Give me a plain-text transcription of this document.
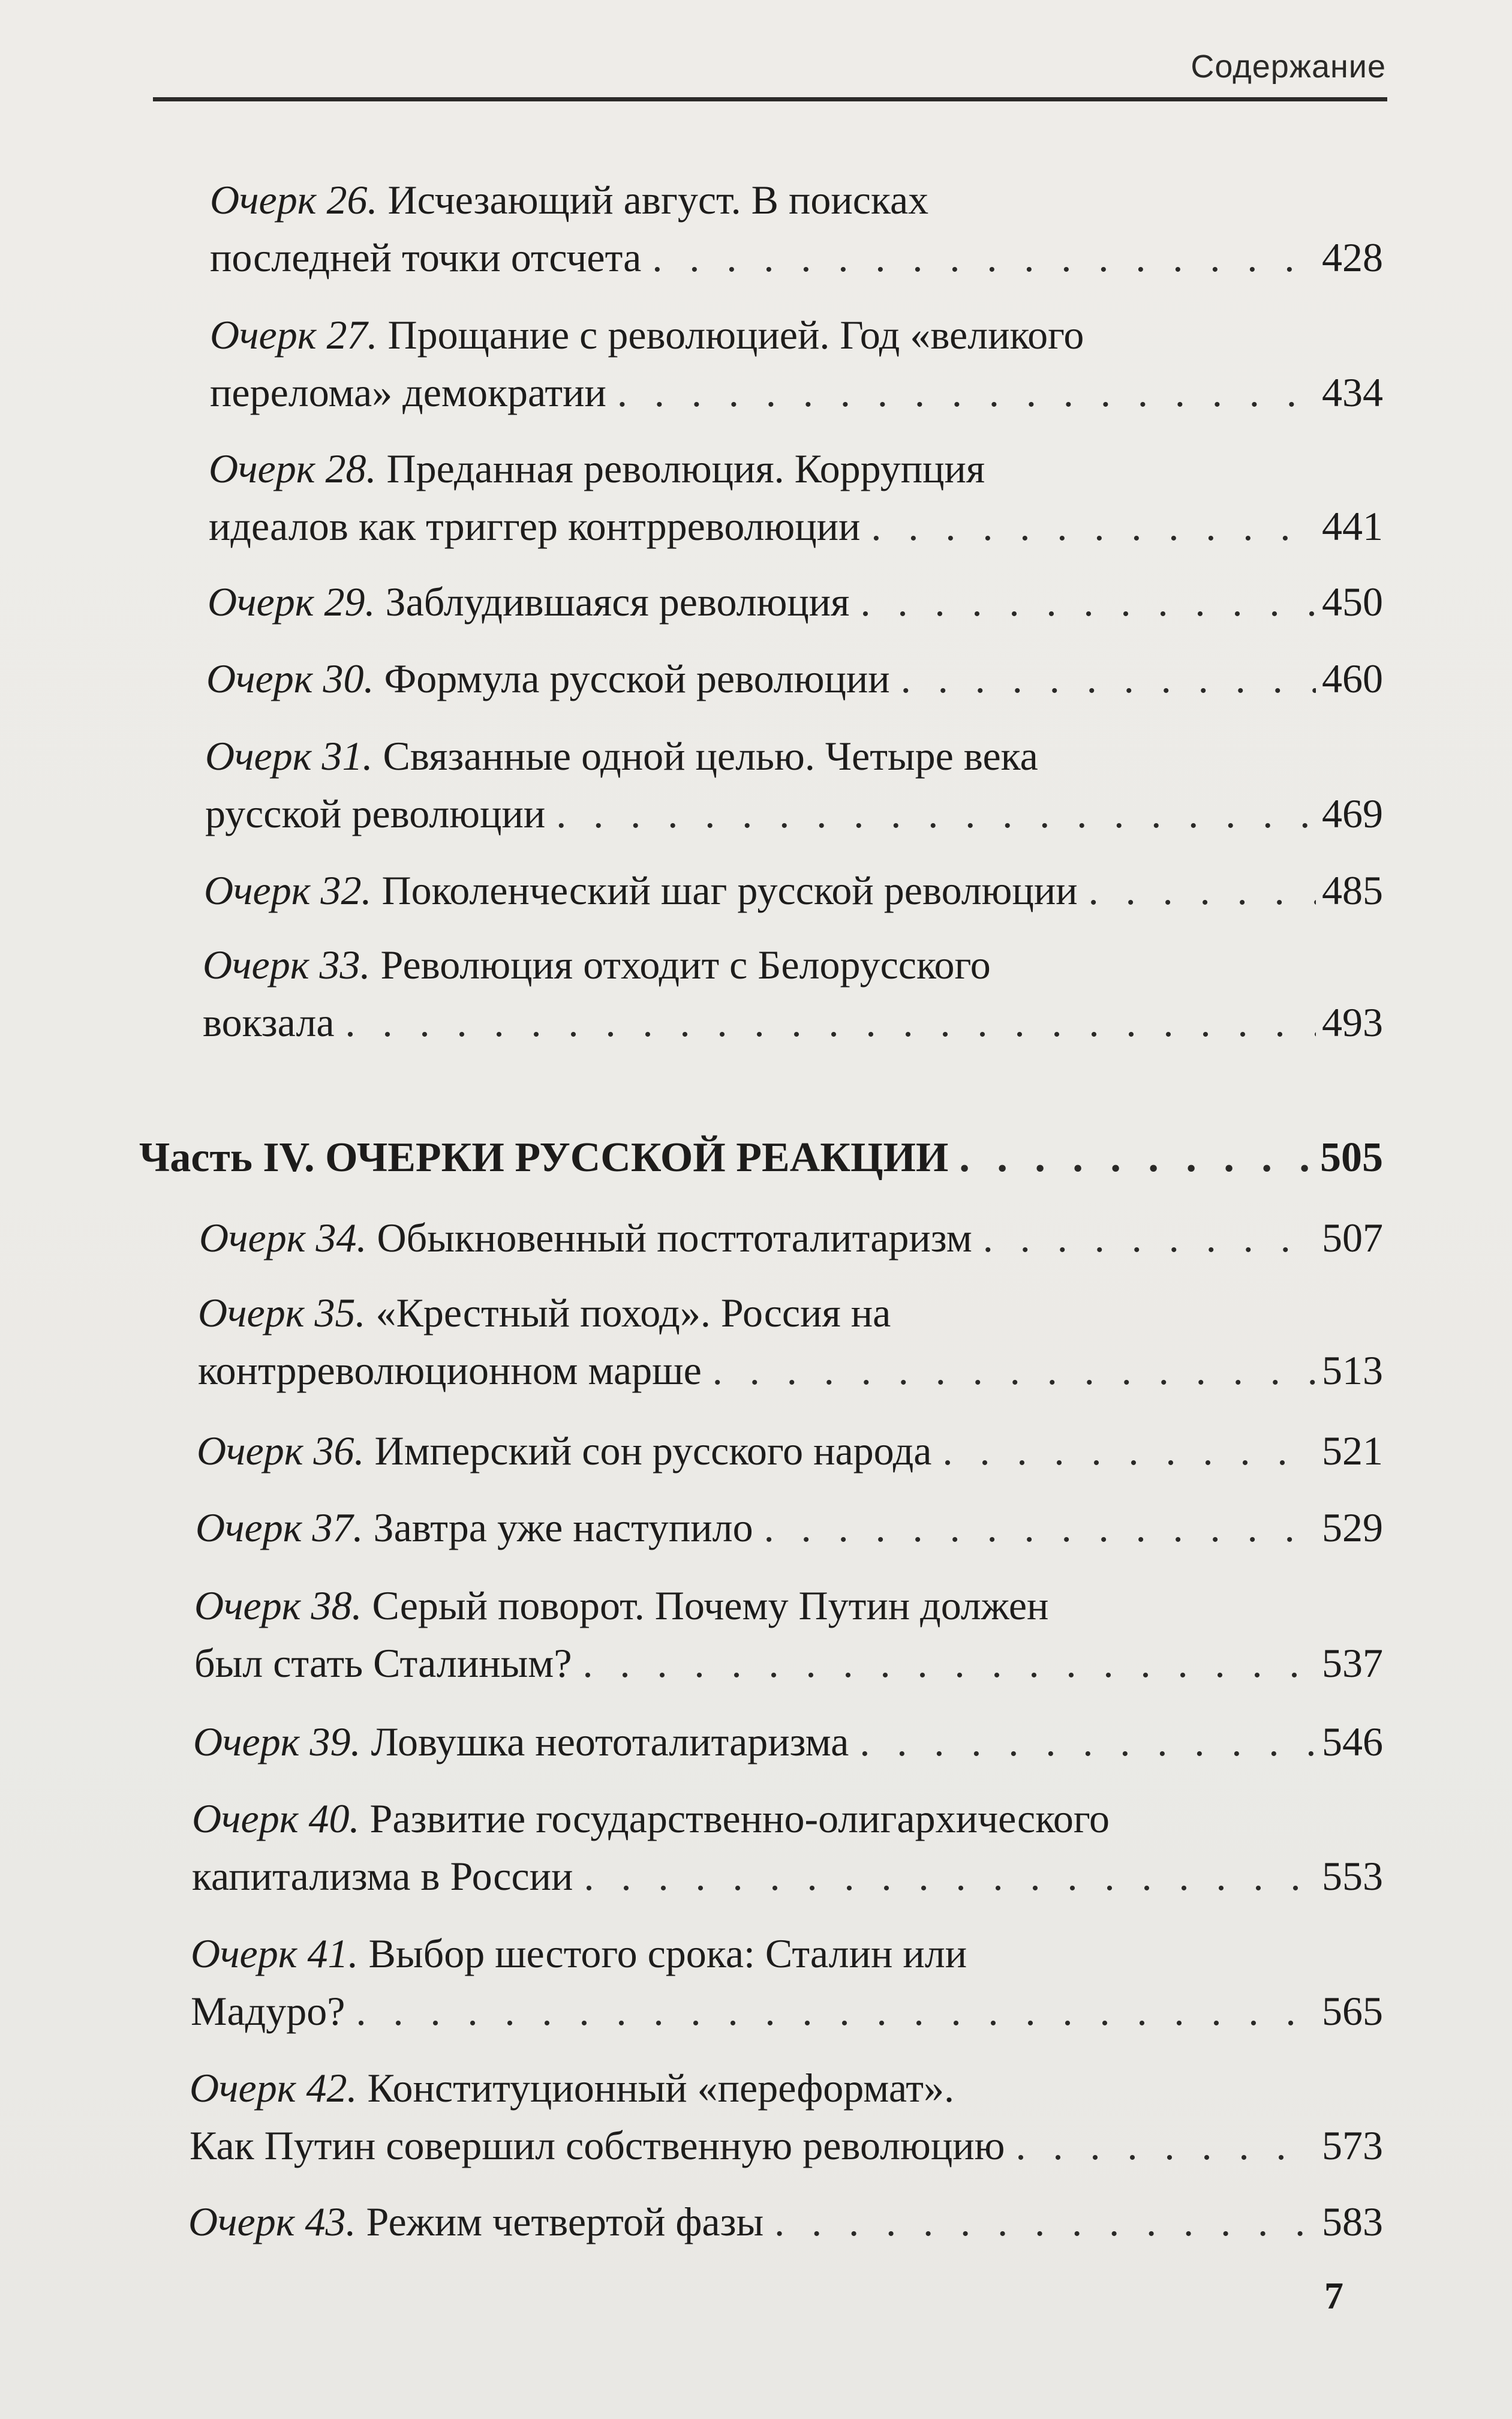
Содержание
Очерк 26. Исчезающий август. В поисках
последней точки отсчета . . .	428
Очерк 27. Прощание с революцией. Год «великого
перелома» демократии . . .	434
Очерк 28. Преданная революция. Коррупция
идеалов как триггер контрреволюции . . .	441
Очерк 29. Заблудившаяся революция . . .	450
Очерк 30. Формула русской революции . . .	460
Очерк 31. Связанные одной целью. Четыре века
русской революции . . .	469
Очерк 32. Поколенческий шаг русской революции . . .	485
Очерк 33. Революция отходит с Белорусского
вокзала . . .	493
Часть IV. ОЧЕРКИ РУССКОЙ РЕАКЦИИ . . .	505
Очерк 34. Обыкновенный посттоталитаризм . . .	507
Очерк 35. «Крестный поход». Россия на
контрреволюционном марше . . .	513
Очерк 36. Имперский сон русского народа . . .	521
Очерк 37. Завтра уже наступило . . .	529
Очерк 38. Серый поворот. Почему Путин должен
был стать Сталиным? . . .	537
Очерк 39. Ловушка неототалитаризма . . .	546
Очерк 40. Развитие государственно-олигархического
капитализма в России . . .	553
Очерк 41. Выбор шестого срока: Сталин или
Мадуро? . . .	565
Очерк 42. Конституционный «переформат».
Как Путин совершил собственную революцию . . .	573
Очерк 43. Режим четвертой фазы . . .	583
7
